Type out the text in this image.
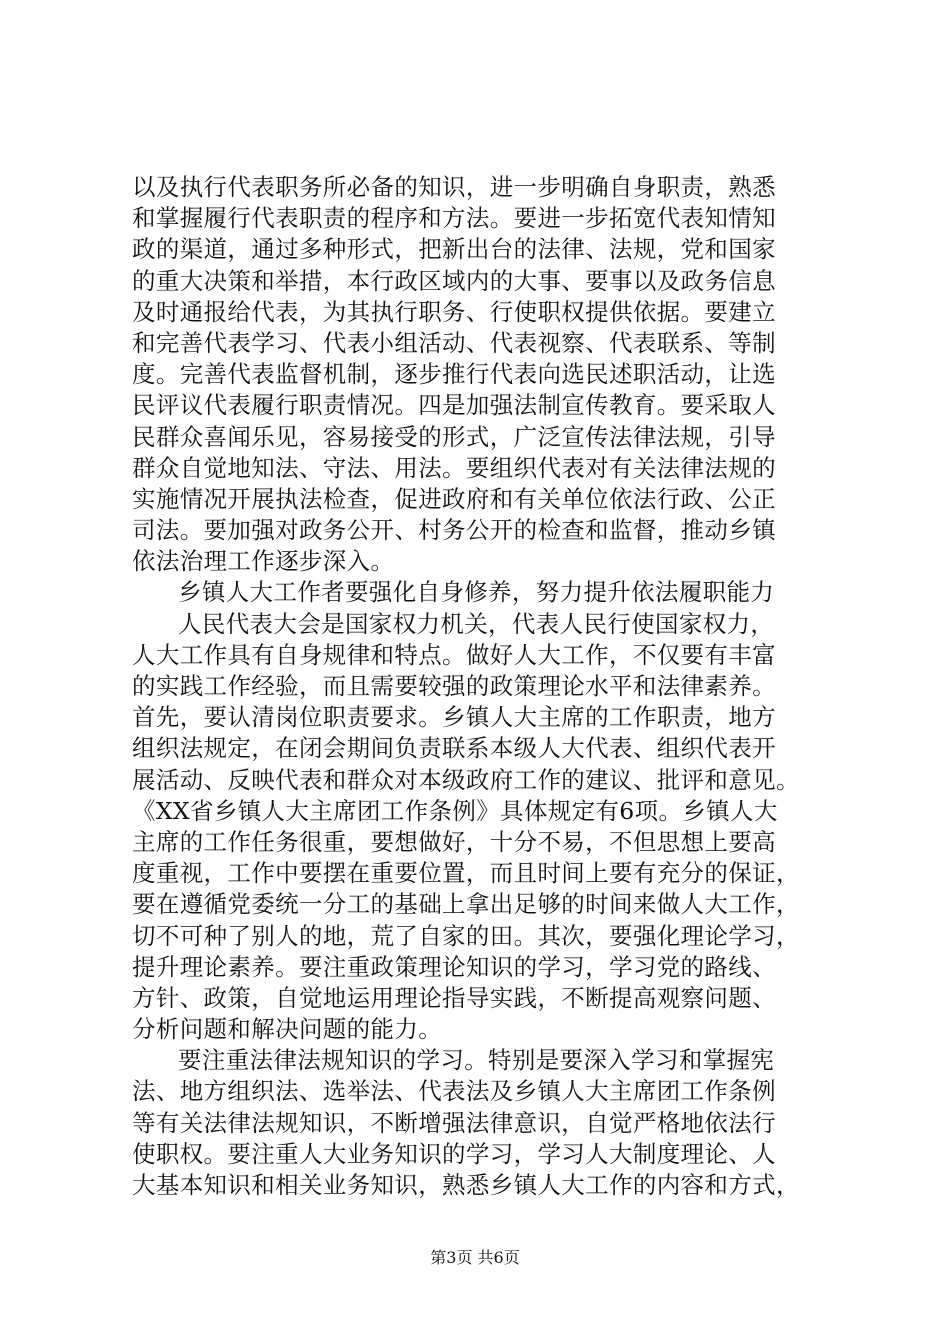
以及执行代表职务所必备的知识，进一步明确自身职责，熟悉
和掌握履行代表职责的程序和方法。要进一步拓宽代表知情知
政的渠道，通过多种形式，把新出台的法律、法规，党和国家
的重大决策和举措，本行政区域内的大事、要事以及政务信息
及时通报给代表，为其执行职务、行使职权提供依据。要建立
和完善代表学习、代表小组活动、代表视察、代表联系、等制
度。完善代表监督机制，逐步推行代表向选民述职活动，让选
民评议代表履行职责情况。四是加强法制宣传教育。要采取人
民群众喜闻乐见，容易接受的形式，广泛宣传法律法规，引导
群众自觉地知法、守法、用法。要组织代表对有关法律法规的
实施情况开展执法检查，促进政府和有关单位依法行政、公正
司法。要加强对政务公开、村务公开的检查和监督，推动乡镇
依法治理工作逐步深入。
乡镇人大工作者要强化自身修养，努力提升依法履职能力
人民代表大会是国家权力机关，代表人民行使国家权力，
人大工作具有自身规律和特点。做好人大工作，不仅要有丰富
的实践工作经验，而且需要较强的政策理论水平和法律素养。
首先，要认清岗位职责要求。乡镇人大主席的工作职责，地方
组织法规定，在闭会期间负责联系本级人大代表、组织代表开
展活动、反映代表和群众对本级政府工作的建议、批评和意见。
《XX省乡镇人大主席团工作条例》具体规定有6项。乡镇人大
主席的工作任务很重，要想做好，十分不易，不但思想上要高
度重视，工作中要摆在重要位置，而且时间上要有充分的保证，
要在遵循党委统一分工的基础上拿出足够的时间来做人大工作，
切不可种了别人的地，荒了自家的田。其次，要强化理论学习，
提升理论素养。要注重政策理论知识的学习，学习党的路线、
方针、政策，自觉地运用理论指导实践，不断提高观察问题、
分析问题和解决问题的能力。
要注重法律法规知识的学习。特别是要深入学习和掌握宪
法、地方组织法、选举法、代表法及乡镇人大主席团工作条例
等有关法律法规知识，不断增强法律意识，自觉严格地依法行
使职权。要注重人大业务知识的学习，学习人大制度理论、人
大基本知识和相关业务知识，熟悉乡镇人大工作的内容和方式，
第3页 共6页
